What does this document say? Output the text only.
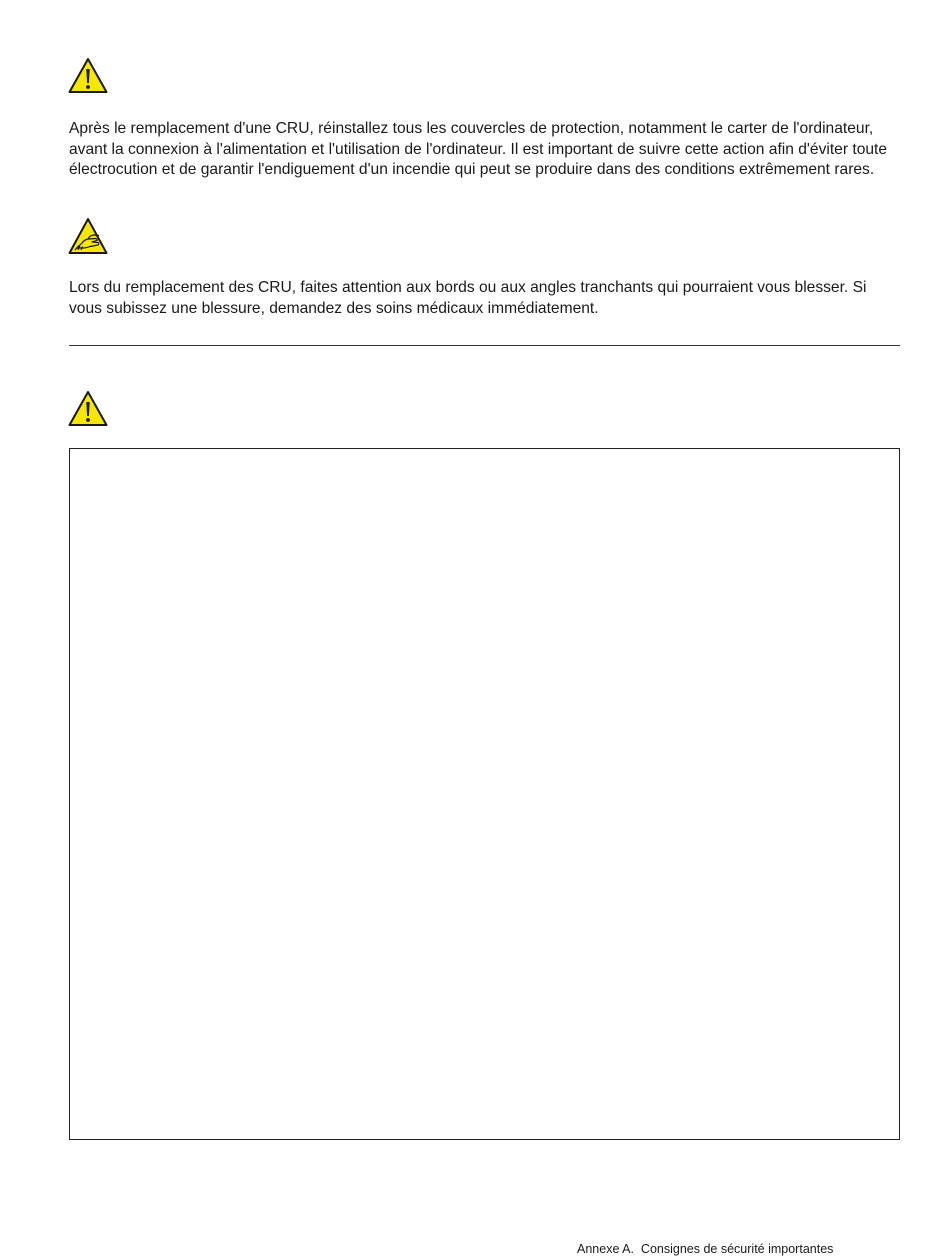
Après le remplacement d'une CRU, réinstallez tous les couvercles de protection, notamment le carter de l'ordinateur, avant la connexion à l'alimentation et l'utilisation de l'ordinateur. Il est important de suivre cette action afin d'éviter toute électrocution et de garantir l'endiguement d'un incendie qui peut se produire dans des conditions extrêmement rares.

Lors du remplacement des CRU, faites attention aux bords ou aux angles tranchants qui pourraient vous blesser. Si vous subissez une blessure, demandez des soins médicaux immédiatement.

Annexe A.  Consignes de sécurité importantes
